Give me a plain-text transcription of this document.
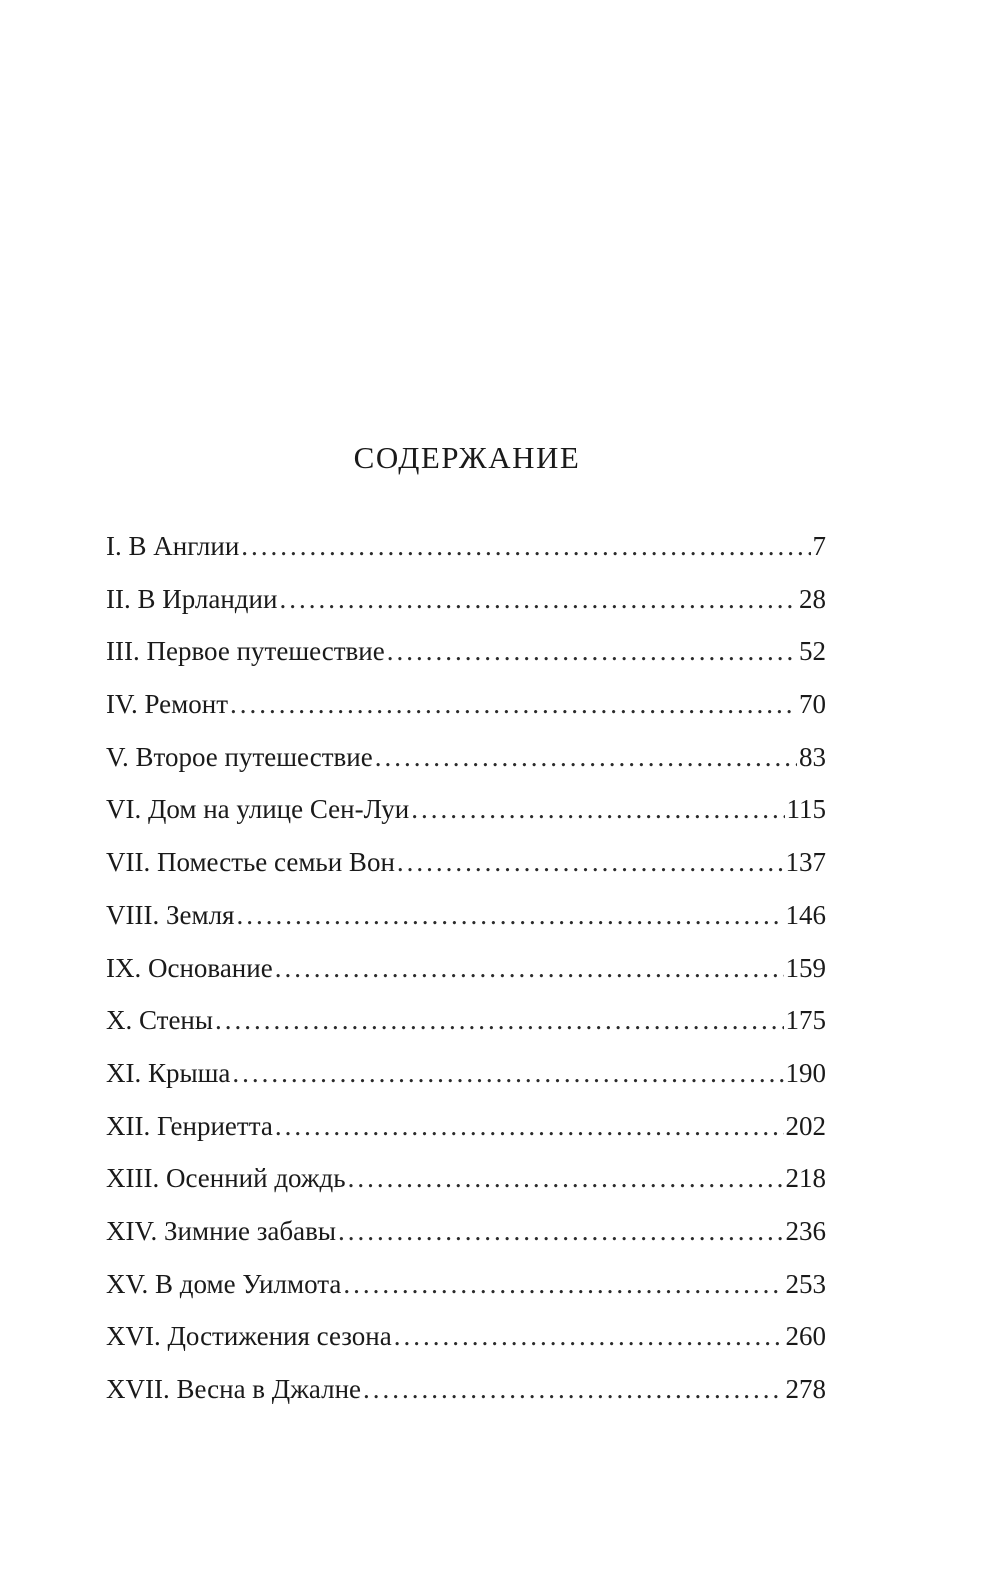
СОДЕРЖАНИЕ
I. В Англии .....	7
II. В Ирландии .....	28
III. Первое путешествие .....	52
IV. Ремонт .....	70
V. Второе путешествие .....	83
VI. Дом на улице Сен-Луи .....	115
VII. Поместье семьи Вон .....	137
VIII. Земля .....	146
IX. Основание .....	159
X. Стены .....	175
XI. Крыша .....	190
XII. Генриетта .....	202
XIII. Осенний дождь .....	218
XIV. Зимние забавы .....	236
XV. В доме Уилмота .....	253
XVI. Достижения сезона .....	260
XVII. Весна в Джалне .....	278
